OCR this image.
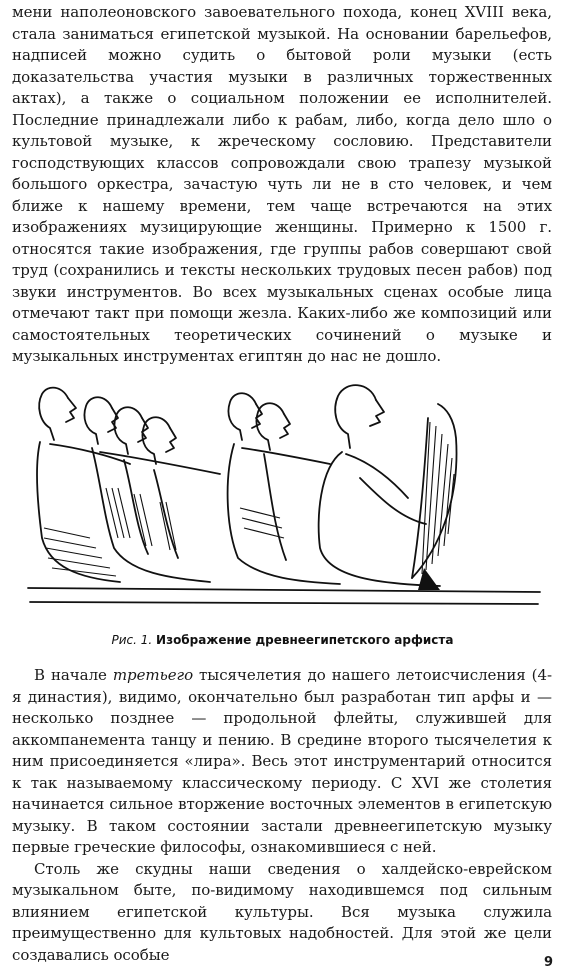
мени наполеоновского завоевательного похода, конец XVIII века, стала заниматься египетской музыкой. На основании барельефов, надписей можно судить о бытовой роли музыки (есть доказательства участия музыки в различных торжественных актах), а также о социальном положении ее исполнителей. Последние принадлежали либо к рабам, либо, когда дело шло о культовой музыке, к жреческому сословию. Представители господствующих классов сопровождали свою трапезу музыкой большого оркестра, зачастую чуть ли не в сто человек, и чем ближе к нашему времени, тем чаще встречаются на этих изображениях музицирующие женщины. Примерно к 1500 г. относятся такие изображения, где группы рабов совершают свой труд (сохранились и тексты нескольких трудовых песен рабов) под звуки инструментов. Во всех музыкальных сценах особые лица отмечают такт при помощи жезла. Каких-либо же композиций или самостоятельных теоретических сочинений о музыке и музыкальных инструментах египтян до нас не дошло.

Рис. 1. Изображение древнеегипетского арфиста

В начале третьего тысячелетия до нашего летоисчисления (4-я династия), видимо, окончательно был разработан тип арфы и — несколько позднее — продольной флейты, служившей для аккомпанемента танцу и пению. В средине второго тысячелетия к ним присоединяется «лира». Весь этот инструментарий относится к так называемому классическому периоду. С XVI же столетия начинается сильное вторжение восточных элементов в египетскую музыку. В таком состоянии застали древнеегипетскую музыку первые греческие философы, ознакомившиеся с ней.

Столь же скудны наши сведения о халдейско-еврейском музыкальном быте, по-видимому находившемся под сильным влиянием египетской культуры. Вся музыка служила преимущественно для культовых надобностей. Для этой же цели создавались особые	9
